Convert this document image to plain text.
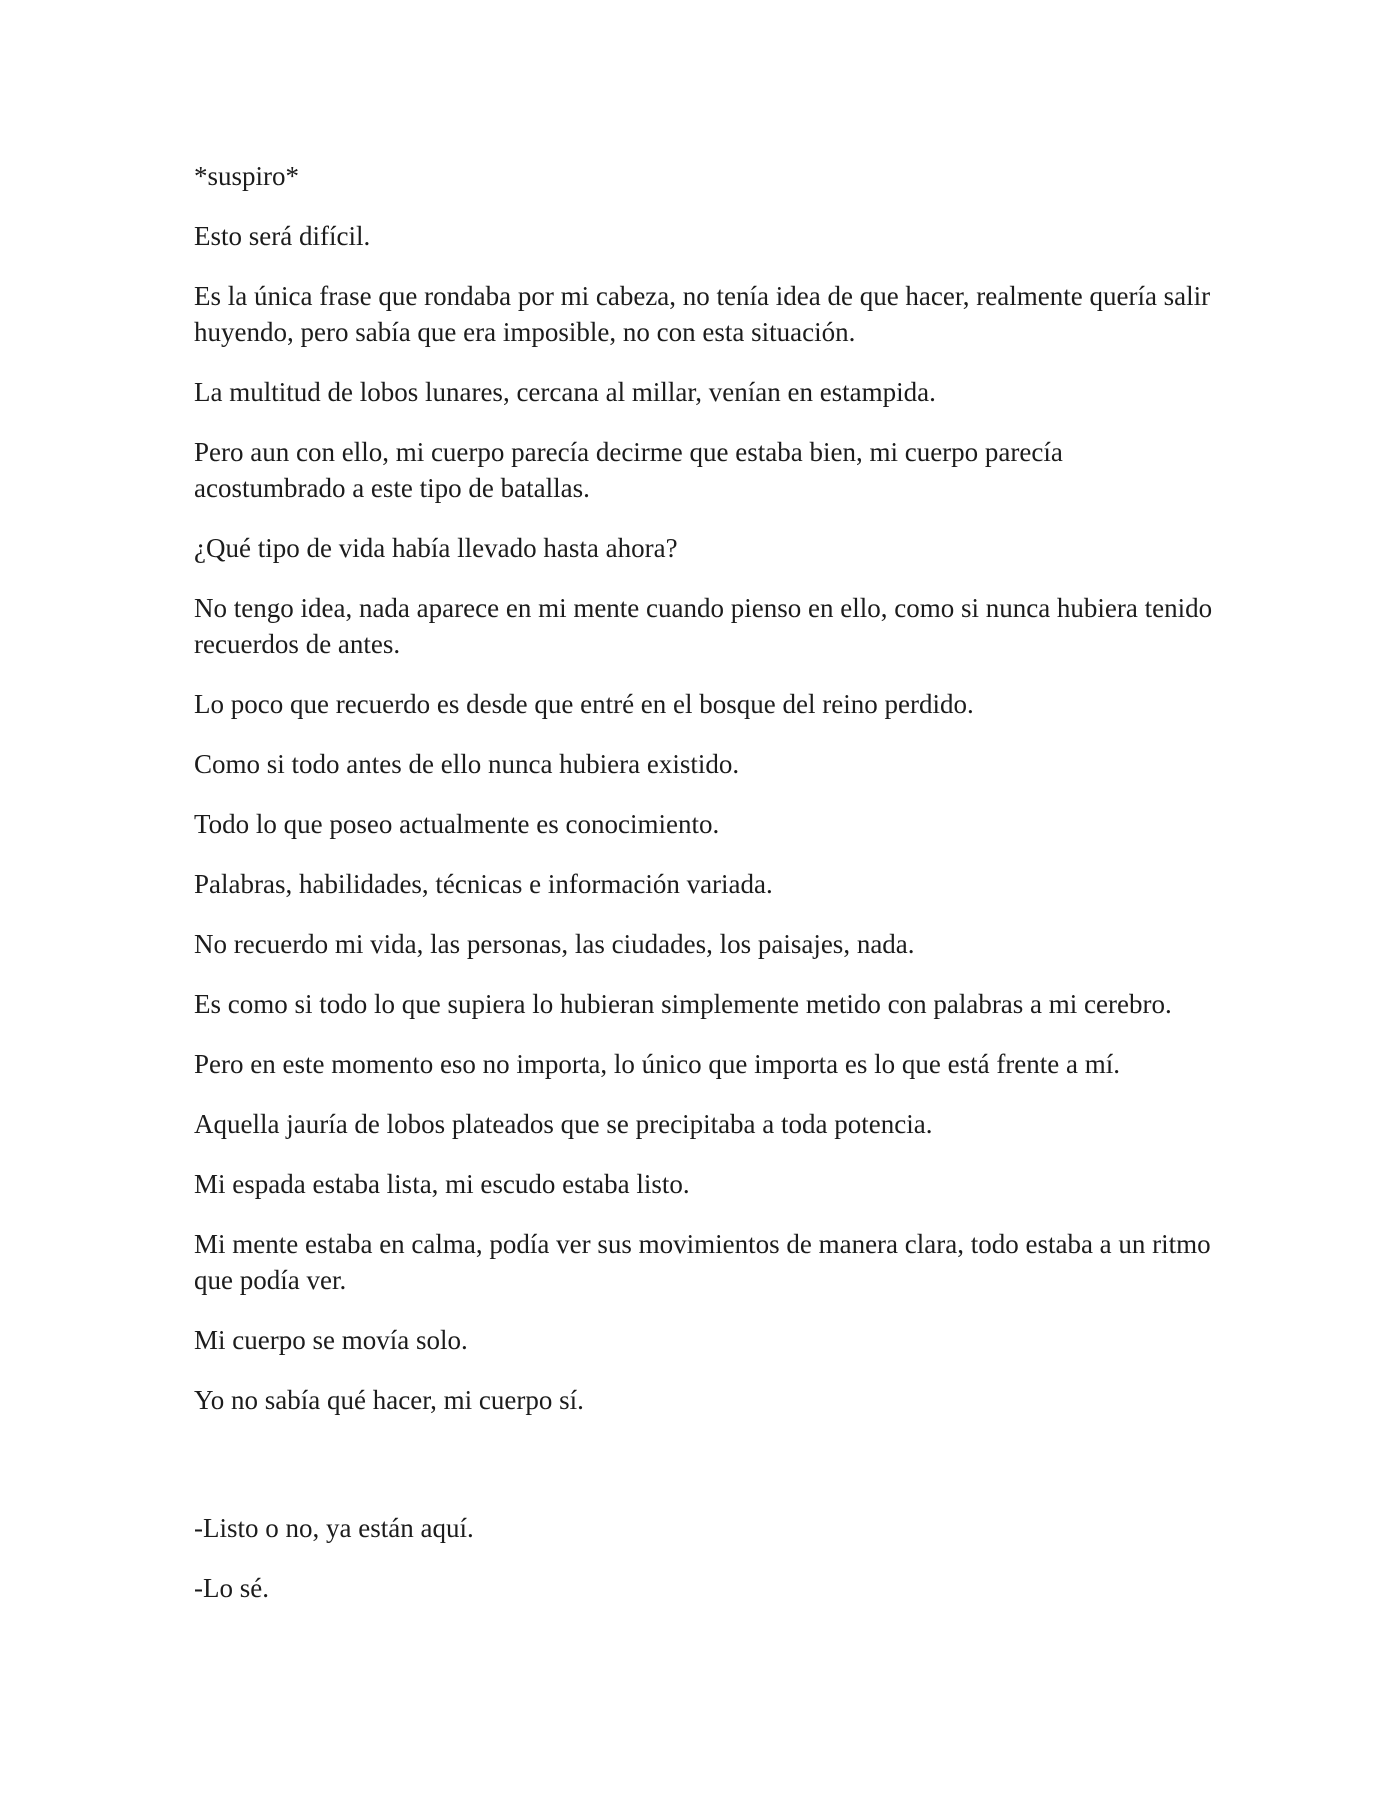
*suspiro*

Esto será difícil.

Es la única frase que rondaba por mi cabeza, no tenía idea de que hacer, realmente quería salir huyendo, pero sabía que era imposible, no con esta situación.

La multitud de lobos lunares, cercana al millar, venían en estampida.

Pero aun con ello, mi cuerpo parecía decirme que estaba bien, mi cuerpo parecía acostumbrado a este tipo de batallas.

¿Qué tipo de vida había llevado hasta ahora?

No tengo idea, nada aparece en mi mente cuando pienso en ello, como si nunca hubiera tenido recuerdos de antes.

Lo poco que recuerdo es desde que entré en el bosque del reino perdido.

Como si todo antes de ello nunca hubiera existido.

Todo lo que poseo actualmente es conocimiento.

Palabras, habilidades, técnicas e información variada.

No recuerdo mi vida, las personas, las ciudades, los paisajes, nada.

Es como si todo lo que supiera lo hubieran simplemente metido con palabras a mi cerebro.

Pero en este momento eso no importa, lo único que importa es lo que está frente a mí.

Aquella jauría de lobos plateados que se precipitaba a toda potencia.

Mi espada estaba lista, mi escudo estaba listo.

Mi mente estaba en calma, podía ver sus movimientos de manera clara, todo estaba a un ritmo que podía ver.

Mi cuerpo se movía solo.

Yo no sabía qué hacer, mi cuerpo sí.

-Listo o no, ya están aquí.

-Lo sé.
